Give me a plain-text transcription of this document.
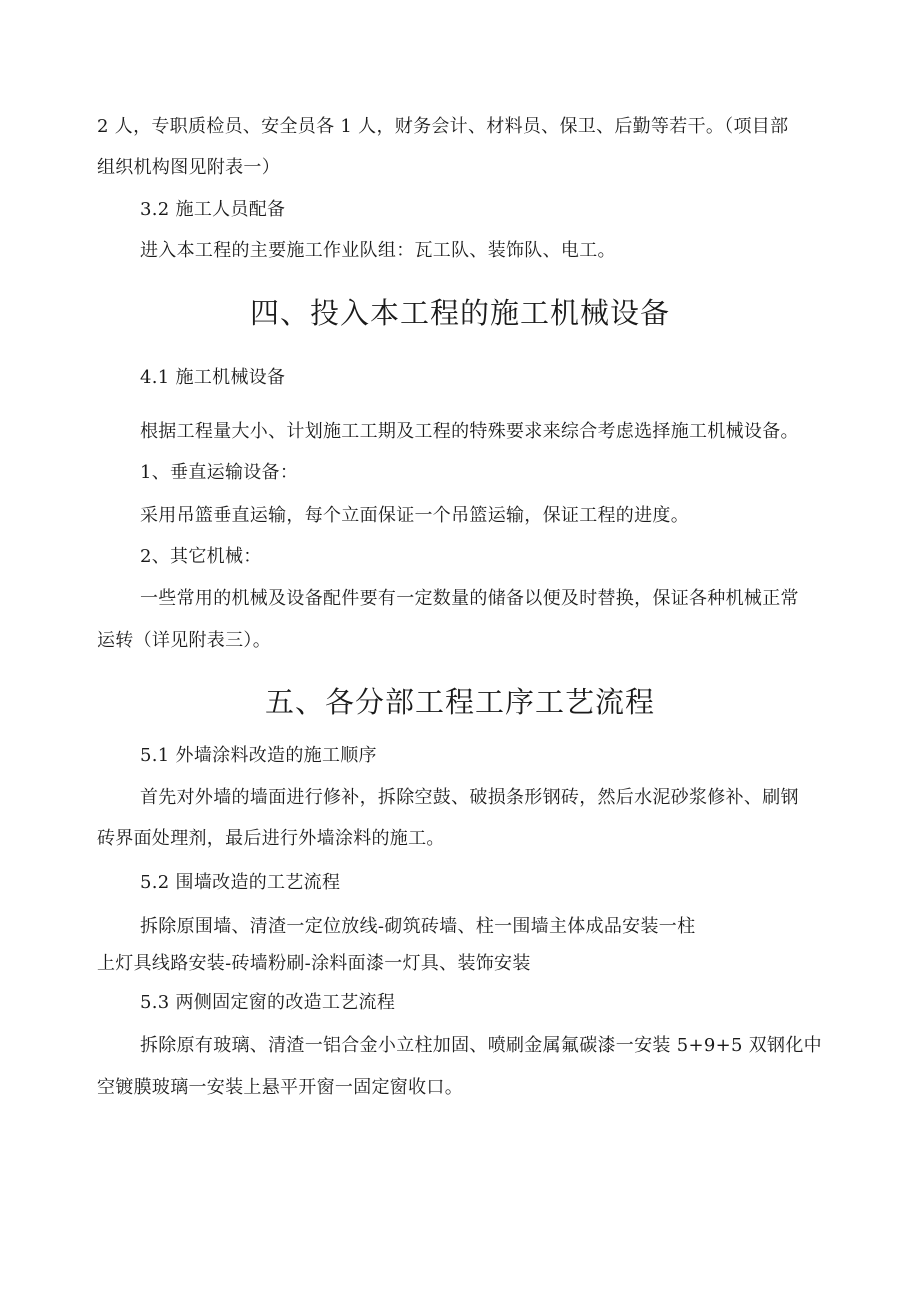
2 人，专职质检员、安全员各 1 人，财务会计、材料员、保卫、后勤等若干。（项目部
组织机构图见附表一）
3.2 施工人员配备
进入本工程的主要施工作业队组：瓦工队、装饰队、电工。
四、投入本工程的施工机械设备
4.1 施工机械设备
根据工程量大小、计划施工工期及工程的特殊要求来综合考虑选择施工机械设备。
1、垂直运输设备：
采用吊篮垂直运输，每个立面保证一个吊篮运输，保证工程的进度。
2、其它机械：
一些常用的机械及设备配件要有一定数量的储备以便及时替换，保证各种机械正常
运转（详见附表三）。
五、各分部工程工序工艺流程
5.1 外墙涂料改造的施工顺序
首先对外墙的墙面进行修补，拆除空鼓、破损条形钢砖，然后水泥砂浆修补、刷钢
砖界面处理剂，最后进行外墙涂料的施工。
5.2 围墙改造的工艺流程
拆除原围墙、清渣一定位放线-砌筑砖墙、柱一围墙主体成品安装一柱
上灯具线路安装-砖墙粉刷-涂料面漆一灯具、装饰安装
5.3 两侧固定窗的改造工艺流程
拆除原有玻璃、清渣一铝合金小立柱加固、喷刷金属氟碳漆一安装 5+9+5 双钢化中
空镀膜玻璃一安装上悬平开窗一固定窗收口。
